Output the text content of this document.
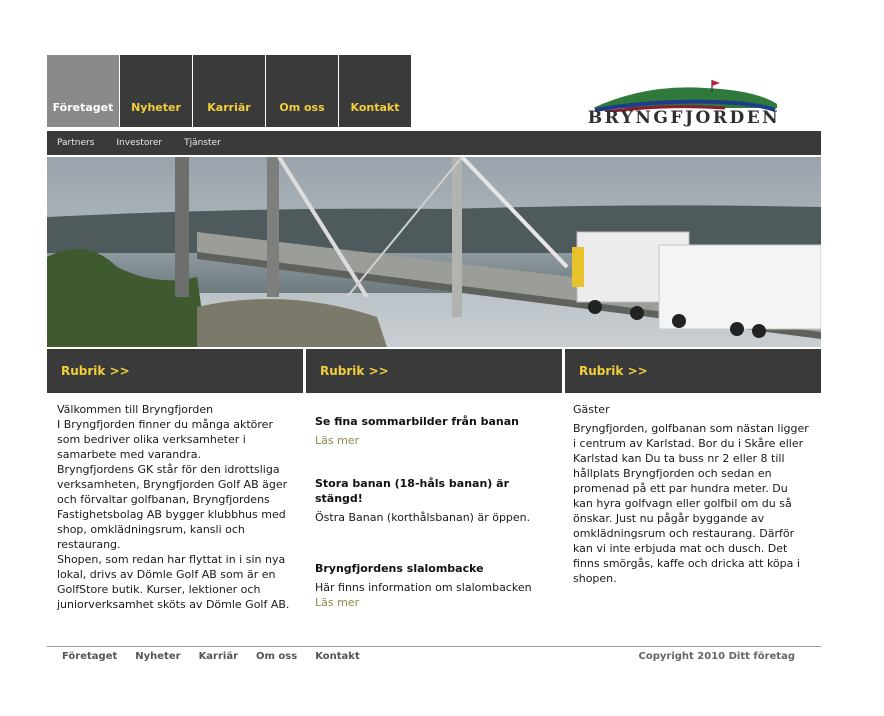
Företaget	Nyheter	Karriär	Om oss	Kontakt
BRYNGFJORDEN
Partners Investorer Tjänster
Rubrik >>	Rubrik >>	Rubrik >>

Välkommen till Bryngfjorden

I Bryngfjorden finner du många aktörer som bedriver olika verksamheter i samarbete med varandra.

Bryngfjordens GK står för den idrottsliga verksamheten, Bryngfjorden Golf AB äger och förvaltar golfbanan, Bryngfjordens Fastighetsbolag AB bygger klubbhus med shop, omklädningsrum, kansli och restaurang.

Shopen, som redan har flyttat in i sin nya lokal, drivs av Dömle Golf AB som är en GolfStore butik. Kurser, lektioner och juniorverksamhet sköts av Dömle Golf AB.

Se fina sommarbilder från banan

Läs mer

Stora banan (18-håls banan) är stängd!

Östra Banan (korthålsbanan) är öppen.

Bryngfjordens slalombacke

Här finns information om slalombacken

Läs mer

Gäster

Bryngfjorden, golfbanan som nästan ligger i centrum av Karlstad. Bor du i Skåre eller Karlstad kan Du ta buss nr 2 eller 8 till hållplats Bryngfjorden och sedan en promenad på ett par hundra meter. Du kan hyra golfvagn eller golfbil om du så önskar. Just nu pågår byggande av omklädningsrum och restaurang. Därför kan vi inte erbjuda mat och dusch. Det finns smörgås, kaffe och dricka att köpa i shopen.

Företaget Nyheter Karriär Om oss Kontakt	Copyright 2010 Ditt företag
